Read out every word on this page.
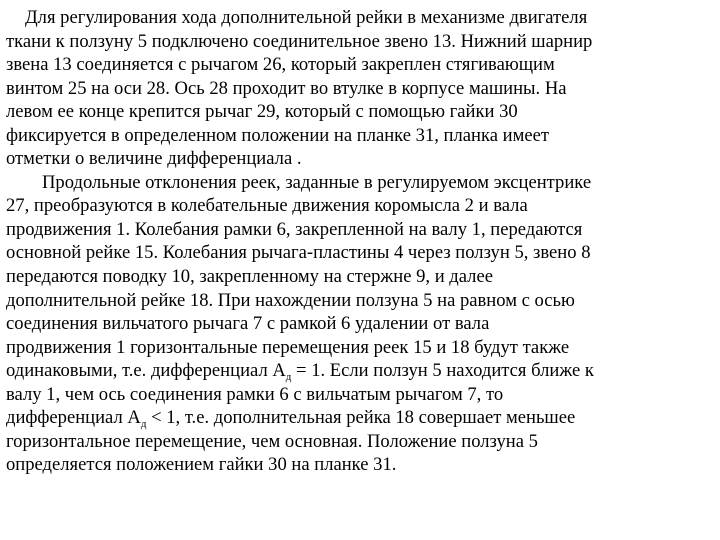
Для регулирования хода дополнительной рейки в механизме двигателя
ткани к ползуну 5 подключено соединительное звено 13. Нижний шарнир
звена 13 соединяется с рычагом 26, который закреплен стягивающим
винтом 25 на оси 28. Ось 28 проходит во втулке в корпусе машины. На
левом ее конце крепится рычаг 29, который с помощью гайки 30
фиксируется в определенном положении на планке 31, планка имеет
отметки о величине дифференциала .
Продольные отклонения реек, заданные в регулируемом эксцентрике
27, преобразуются в колебательные движения коромысла 2 и вала
продвижения 1. Колебания рамки 6, закрепленной на валу 1, передаются
основной рейке 15. Колебания рычага-пластины 4 через ползун 5, звено 8
передаются поводку 10, закрепленному на стержне 9, и далее
дополнительной рейке 18. При нахождении ползуна 5 на равном с осью
соединения вильчатого рычага 7 с рамкой 6 удалении от вала
продвижения 1 горизонтальные перемещения реек 15 и 18 будут также
одинаковыми, т.е. дифференциал $А_д = 1$. Если ползун 5 находится ближе к
валу 1, чем ось соединения рамки 6 с вильчатым рычагом 7, то
дифференциал $А_д < 1$, т.е. дополнительная рейка 18 совершает меньшее
горизонтальное перемещение, чем основная. Положение ползуна 5
определяется положением гайки 30 на планке 31.
